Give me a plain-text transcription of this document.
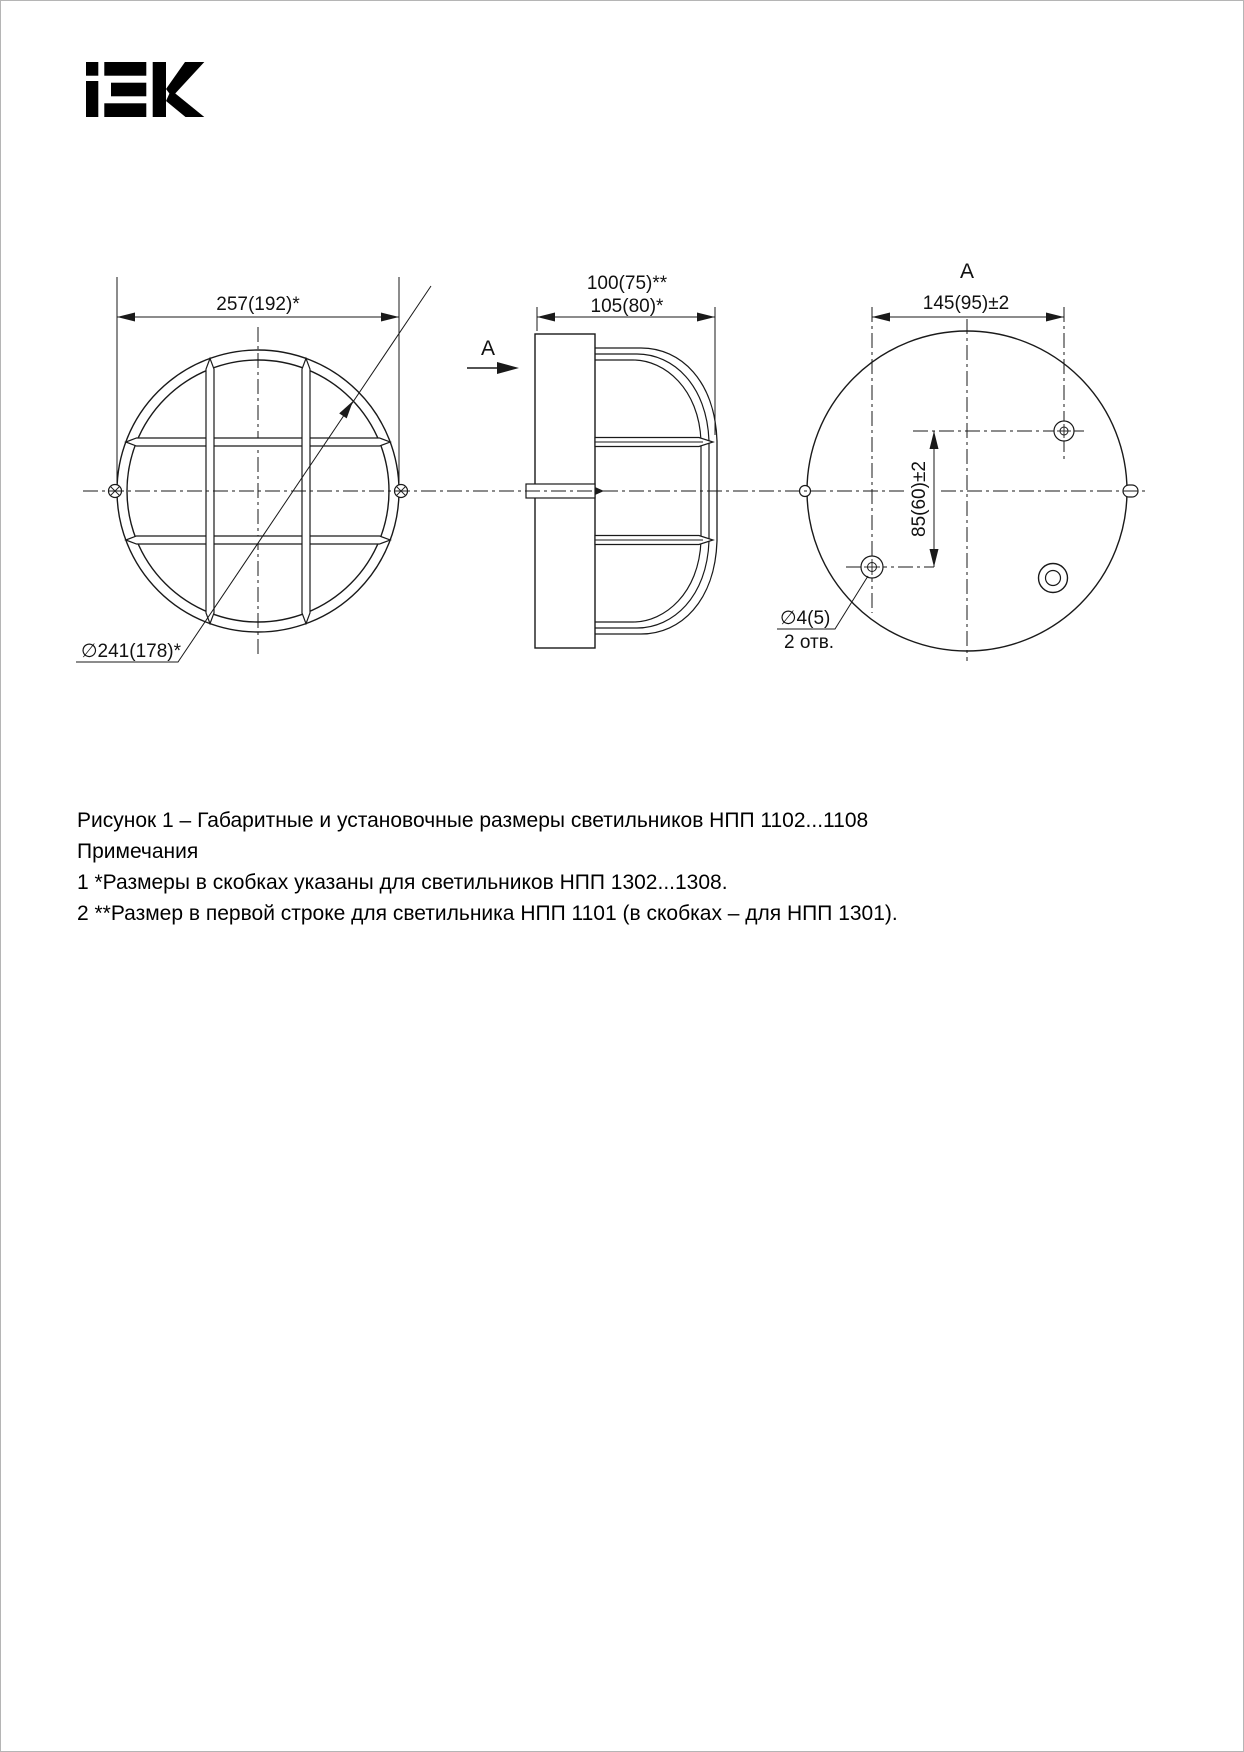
257(192)*
∅241(178)*
A
100(75)**
105(80)*
A
145(95)±2
85(60)±2
∅4(5)
2 отв.

Рисунок 1 – Габаритные и установочные размеры светильников НПП 1102...1108

Примечания

1 *Размеры в скобках указаны для светильников НПП 1302...1308.

2 **Размер в первой строке для светильника НПП 1101 (в скобках – для НПП 1301).
